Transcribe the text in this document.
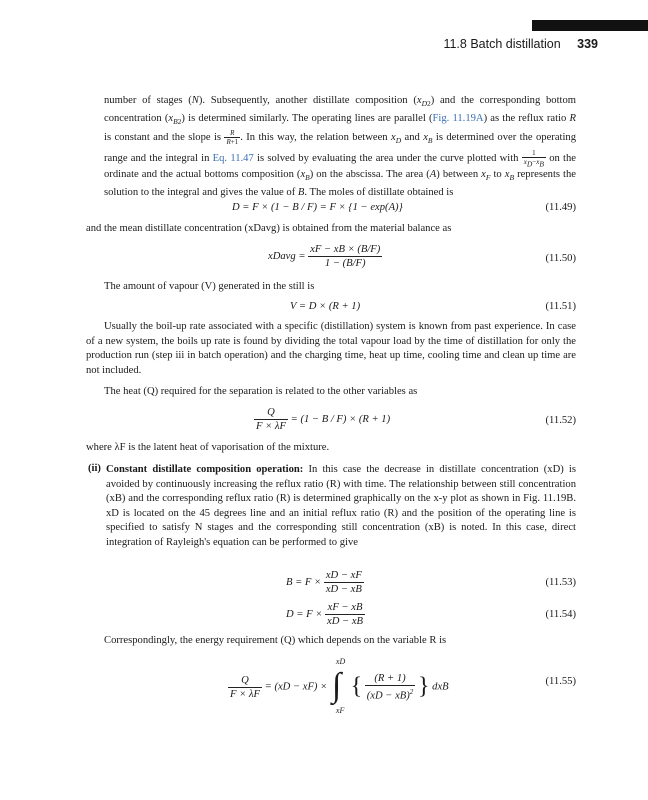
11.8 Batch distillation 339

number of stages (N). Subsequently, another distillate composition $(x_{D2})$ and the corresponding bottom concentration $(x_{B2})$ is determined similarly. The operating lines are parallel (Fig. 11.19A) as the reflux ratio R is constant and the slope is $\frac{R}{R+1}$ . In this way, the relation between $x_D$ and $x_B$ is determined over the operating range and the integral in Eq. 11.47 is solved by evaluating the area under the curve plotted with $\frac{1}{x_D-x_B}$ on the ordinate and the actual bottoms composition $(x_B)$ on the abscissa. The area (A) between $x_F$ to $x_B$ represents the solution to the integral and gives the value of B. The moles of distillate obtained is

D = F × (1 − B / F) = F × {1 − exp(A)}	(11.49)
and the mean distillate concentration (xDavg) is obtained from the material balance as
xDavg = $\frac{xF - xB \times (B/F)}{1 - (B/F)}$	(11.50)
The amount of vapour (V) generated in the still is
V = D × (R + 1)	(11.51)
Usually the boil-up rate associated with a specific (distillation) system is known from past experience. In case of a new system, the boils up rate is found by dividing the total vapour load by the time of distillation for only the production run (step iii in batch operation) and the charging time, heat up time, cooling time and clean up time are not included.
The heat (Q) required for the separation is related to the other variables as
$\frac{Q}{F \times \lambda F} = (1 - B / F) \times (R + 1)$	(11.52)
where λF is the latent heat of vaporisation of the mixture.
(ii) Constant distillate composition operation: In this case the decrease in distillate concentration (xD) is avoided by continuously increasing the reflux ratio (R) with time. The relationship between still concentration (xB) and the corresponding reflux ratio (R) is determined graphically on the x-y plot as shown in Fig. 11.19B. xD is located on the 45 degrees line and an initial reflux ratio (R) and the position of the operating line is specified to satisfy N stages and the corresponding still concentration (xB) is noted. In this case, direct integration of Rayleigh's equation can be performed to give

$B = F \times \frac{xD - xF}{xD - xB}$	(11.53)
$D = F \times \frac{xF - xB}{xD - xB}$	(11.54)
Correspondingly, the energy requirement (Q) which depends on the variable R is
$\frac{Q}{F \times \lambda F} = (xD - xF)$ ×
xD
∫
xF
{ $\frac{(R + 1)}{(xD - xB)^2}$ } dxB	(11.55)
